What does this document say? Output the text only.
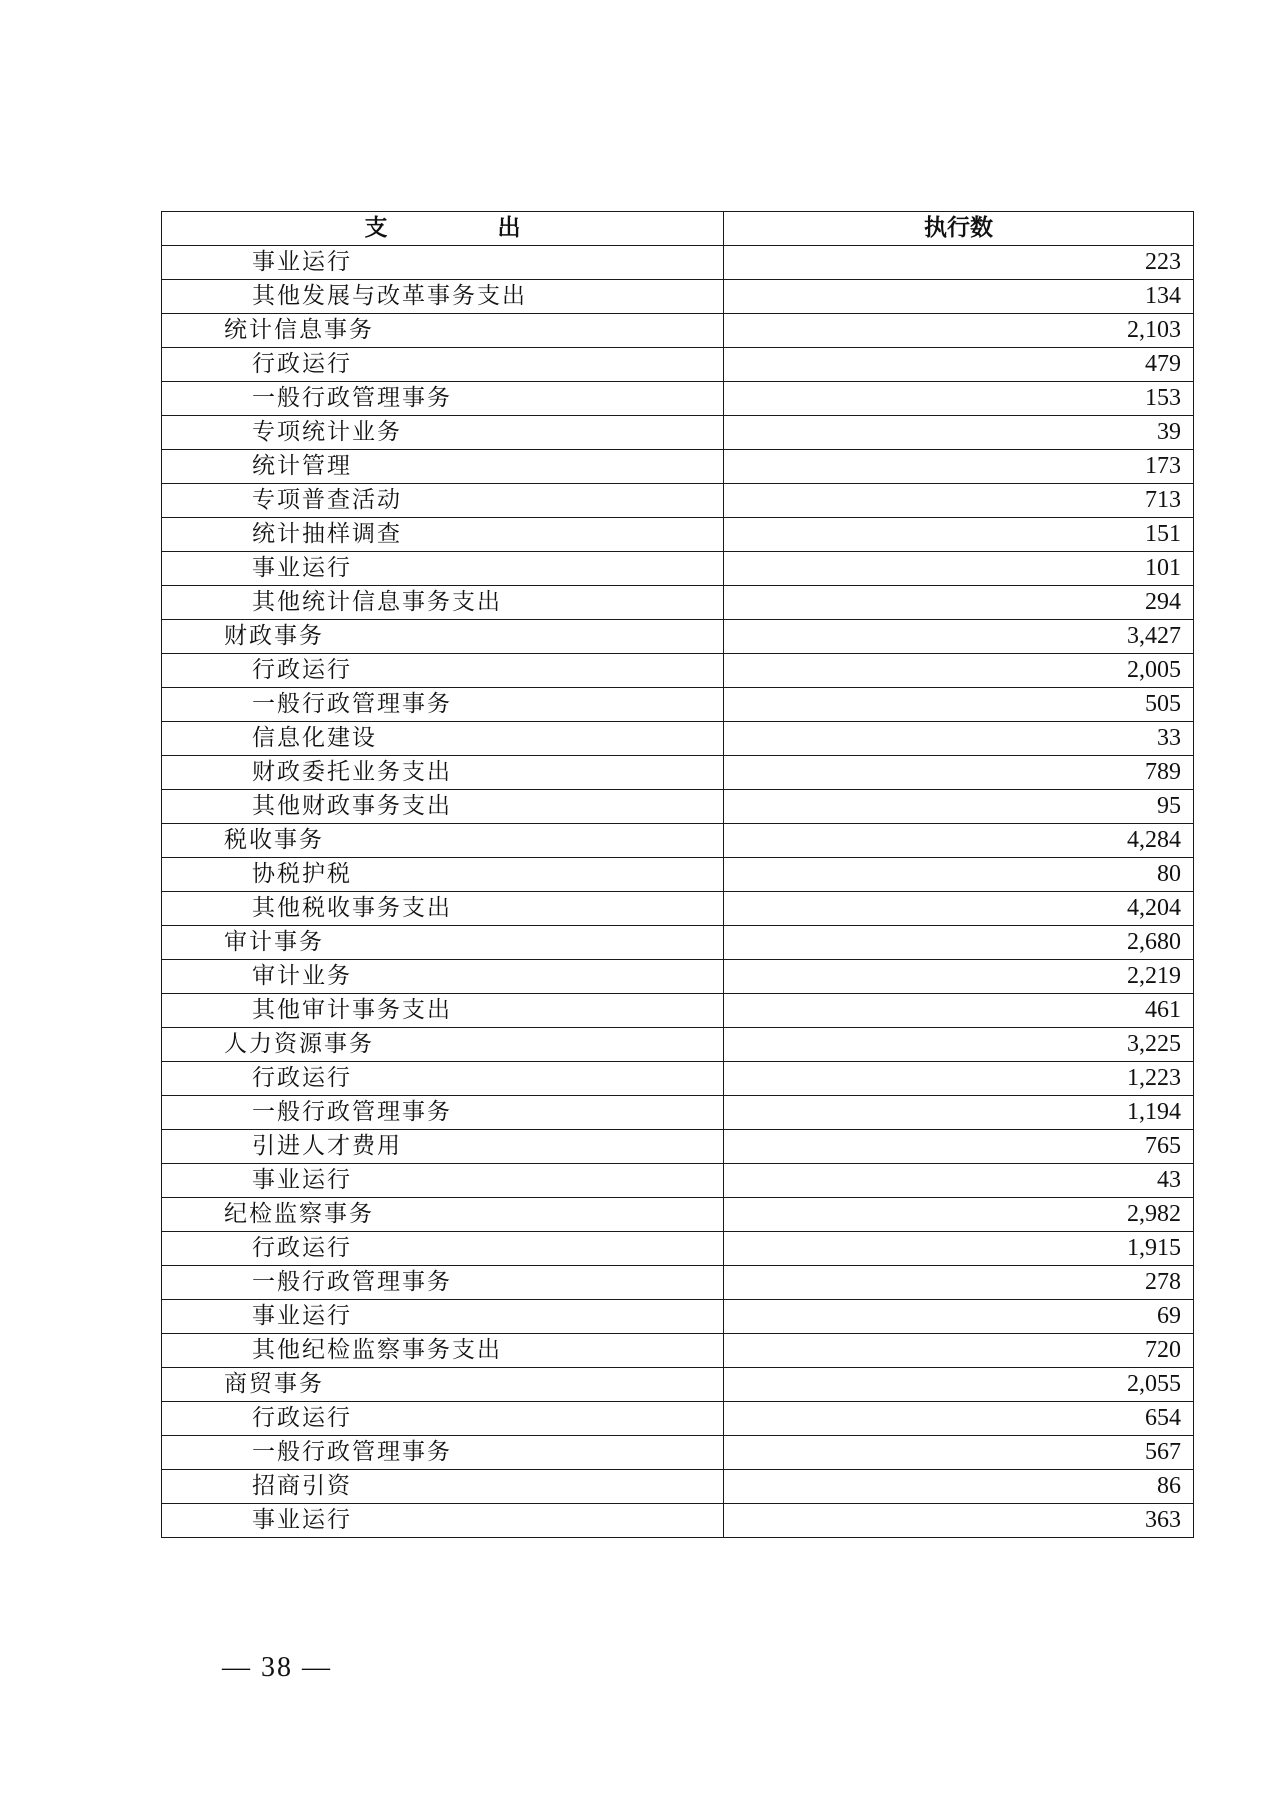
支 出	执行数
事业运行	223
其他发展与改革事务支出	134
统计信息事务	2,103
行政运行	479
一般行政管理事务	153
专项统计业务	39
统计管理	173
专项普查活动	713
统计抽样调查	151
事业运行	101
其他统计信息事务支出	294
财政事务	3,427
行政运行	2,005
一般行政管理事务	505
信息化建设	33
财政委托业务支出	789
其他财政事务支出	95
税收事务	4,284
协税护税	80
其他税收事务支出	4,204
审计事务	2,680
审计业务	2,219
其他审计事务支出	461
人力资源事务	3,225
行政运行	1,223
一般行政管理事务	1,194
引进人才费用	765
事业运行	43
纪检监察事务	2,982
行政运行	1,915
一般行政管理事务	278
事业运行	69
其他纪检监察事务支出	720
商贸事务	2,055
行政运行	654
一般行政管理事务	567
招商引资	86
事业运行	363
— 38 —
